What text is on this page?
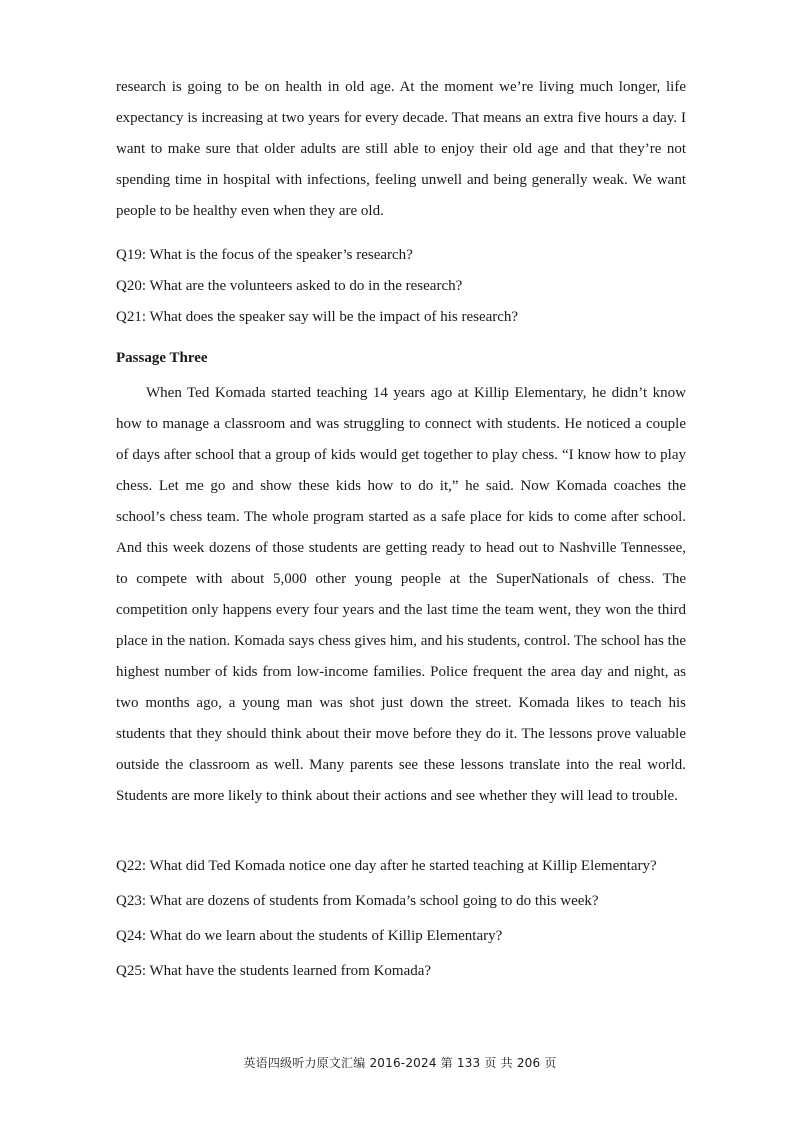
research is going to be on health in old age. At the moment we’re living much longer, life expectancy is increasing at two years for every decade. That means an extra five hours a day. I want to make sure that older adults are still able to enjoy their old age and that they’re not spending time in hospital with infections, feeling unwell and being generally weak. We want people to be healthy even when they are old.

Q19: What is the focus of the speaker’s research?

Q20: What are the volunteers asked to do in the research?

Q21: What does the speaker say will be the impact of his research?

Passage Three

When Ted Komada started teaching 14 years ago at Killip Elementary, he didn’t know how to manage a classroom and was struggling to connect with students. He noticed a couple of days after school that a group of kids would get together to play chess. “I know how to play chess. Let me go and show these kids how to do it,” he said. Now Komada coaches the school’s chess team. The whole program started as a safe place for kids to come after school. And this week dozens of those students are getting ready to head out to Nashville Tennessee, to compete with about 5,000 other young people at the SuperNationals of chess. The competition only happens every four years and the last time the team went, they won the third place in the nation. Komada says chess gives him, and his students, control. The school has the highest number of kids from low-income families. Police frequent the area day and night, as two months ago, a young man was shot just down the street. Komada likes to teach his students that they should think about their move before they do it. The lessons prove valuable outside the classroom as well. Many parents see these lessons translate into the real world. Students are more likely to think about their actions and see whether they will lead to trouble.

Q22: What did Ted Komada notice one day after he started teaching at Killip Elementary?

Q23: What are dozens of students from Komada’s school going to do this week?

Q24: What do we learn about the students of Killip Elementary?

Q25: What have the students learned from Komada?

英语四级听力原文汇编 2016-2024 第 133 页 共 206 页
